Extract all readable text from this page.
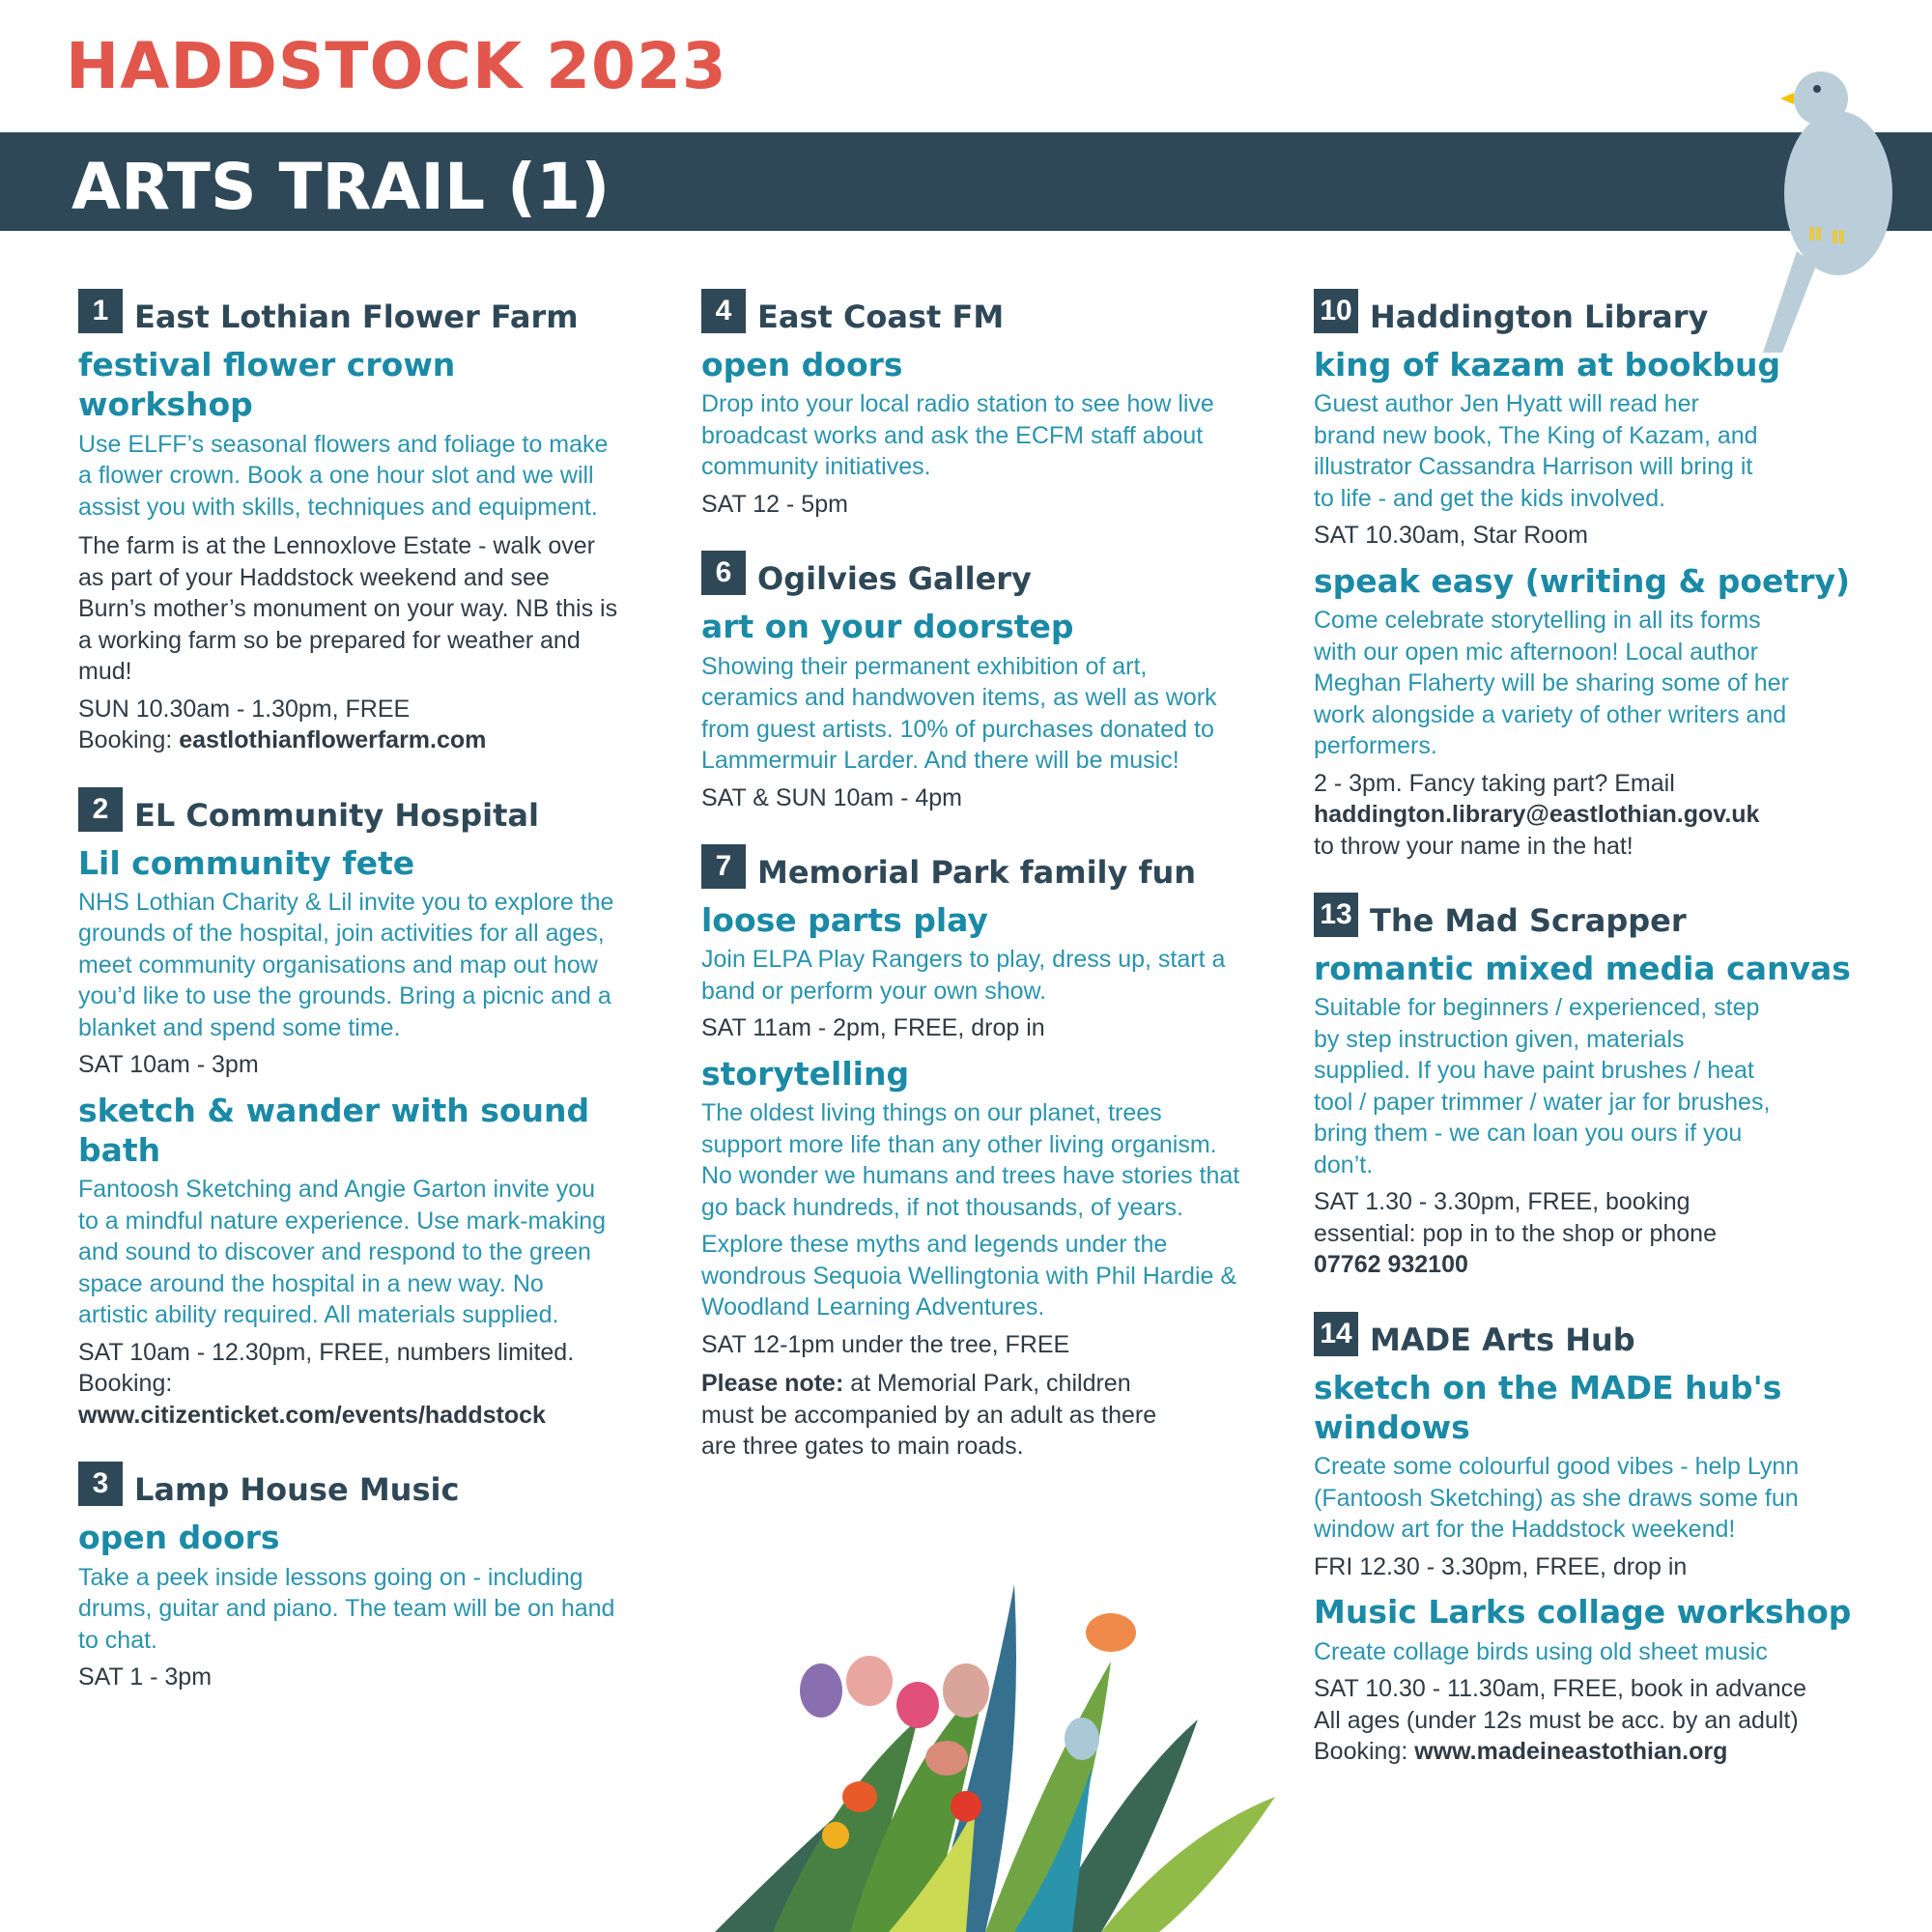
HADDSTOCK 2023
ARTS TRAIL (1)
1 East Lothian Flower Farm
festival flower crown workshop

Use ELFF’s seasonal flowers and foliage to make a flower crown. Book a one hour slot and we will assist you with skills, techniques and equipment.

The farm is at the Lennoxlove Estate - walk over as part of your Haddstock weekend and see Burn’s mother’s monument on your way. NB this is a working farm so be prepared for weather and mud!

SUN 10.30am - 1.30pm, FREE
Booking: eastlothianflowerfarm.com

2 EL Community Hospital
Lil community fete

NHS Lothian Charity & Lil invite you to explore the grounds of the hospital, join activities for all ages, meet community organisations and map out how you’d like to use the grounds. Bring a picnic and a blanket and spend some time.

SAT 10am - 3pm

sketch & wander with sound bath

Fantoosh Sketching and Angie Garton invite you to a mindful nature experience. Use mark-making and sound to discover and respond to the green space around the hospital in a new way. No artistic ability required. All materials supplied.

SAT 10am - 12.30pm, FREE, numbers limited. Booking:
www.citizenticket.com/events/haddstock

3 Lamp House Music
open doors

Take a peek inside lessons going on - including drums, guitar and piano. The team will be on hand to chat.

SAT 1 - 3pm

4 East Coast FM
open doors

Drop into your local radio station to see how live broadcast works and ask the ECFM staff about community initiatives.

SAT 12 - 5pm

6 Ogilvies Gallery
art on your doorstep

Showing their permanent exhibition of art, ceramics and handwoven items, as well as work from guest artists. 10% of purchases donated to Lammermuir Larder. And there will be music!

SAT & SUN 10am - 4pm

7 Memorial Park family fun
loose parts play

Join ELPA Play Rangers to play, dress up, start a band or perform your own show.

SAT 11am - 2pm, FREE, drop in

storytelling

The oldest living things on our planet, trees support more life than any other living organism. No wonder we humans and trees have stories that go back hundreds, if not thousands, of years.

Explore these myths and legends under the wondrous Sequoia Wellingtonia with Phil Hardie & Woodland Learning Adventures.

SAT 12-1pm under the tree, FREE

Please note: at Memorial Park, children must be accompanied by an adult as there are three gates to main roads.

10 Haddington Library
king of kazam at bookbug

Guest author Jen Hyatt will read her brand new book, The King of Kazam, and illustrator Cassandra Harrison will bring it to life - and get the kids involved.

SAT 10.30am, Star Room

speak easy (writing & poetry)

Come celebrate storytelling in all its forms with our open mic afternoon! Local author Meghan Flaherty will be sharing some of her work alongside a variety of other writers and performers.

2 - 3pm. Fancy taking part? Email
haddington.library@eastlothian.gov.uk
to throw your name in the hat!

13 The Mad Scrapper
romantic mixed media canvas

Suitable for beginners / experienced, step by step instruction given, materials supplied. If you have paint brushes / heat tool / paper trimmer / water jar for brushes, bring them - we can loan you ours if you don’t.

SAT 1.30 - 3.30pm, FREE, booking essential: pop in to the shop or phone
07762 932100

14 MADE Arts Hub
sketch on the MADE hub's windows

Create some colourful good vibes - help Lynn (Fantoosh Sketching) as she draws some fun window art for the Haddstock weekend!

FRI 12.30 - 3.30pm, FREE, drop in

Music Larks collage workshop

Create collage birds using old sheet music

SAT 10.30 - 11.30am, FREE, book in advance
All ages (under 12s must be acc. by an adult)
Booking: www.madeineastothian.org
